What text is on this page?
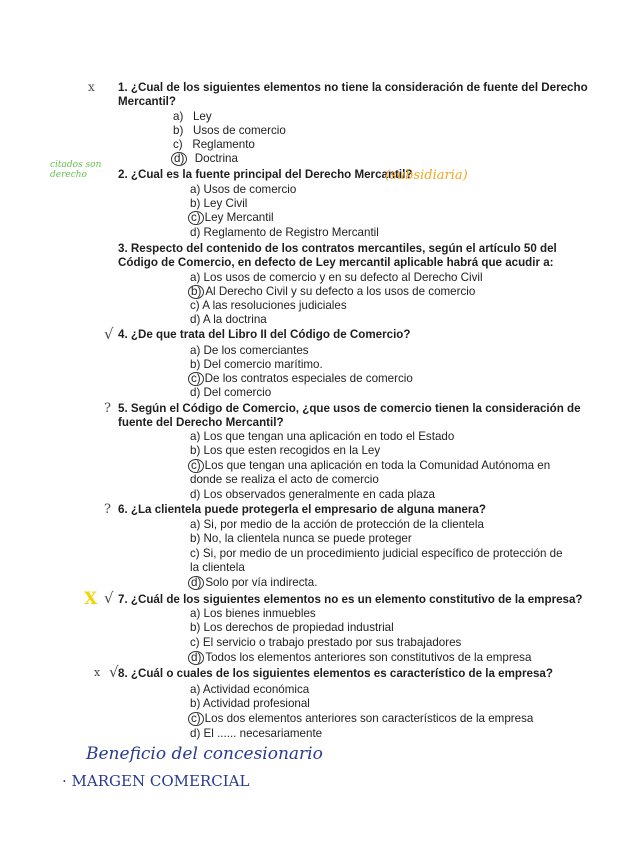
1. ¿Cual de los siguientes elementos no tiene la consideración de fuente del Derecho
Mercantil?
a) Ley
b) Usos de comercio
c) Reglamento
d) Doctrina
2. ¿Cual es la fuente principal del Derecho Mercantil?
a) Usos de comercio
b) Ley Civil
c) Ley Mercantil
d) Reglamento de Registro Mercantil
3. Respecto del contenido de los contratos mercantiles, según el artículo 50 del
Código de Comercio, en defecto de Ley mercantil aplicable habrá que acudir a:
a) Los usos de comercio y en su defecto al Derecho Civil
b) Al Derecho Civil y su defecto a los usos de comercio
c) A las resoluciones judiciales
d) A la doctrina
4. ¿De que trata del Libro II del Código de Comercio?
a) De los comerciantes
b) Del comercio marítimo.
c) De los contratos especiales de comercio
d) Del comercio
5. Según el Código de Comercio, ¿que usos de comercio tienen la consideración de
fuente del Derecho Mercantil?
a) Los que tengan una aplicación en todo el Estado
b) Los que esten recogidos en la Ley
c) Los que tengan una aplicación en toda la Comunidad Autónoma en
donde se realiza el acto de comercio
d) Los observados generalmente en cada plaza
6. ¿La clientela puede protegerla el empresario de alguna manera?
a) Si, por medio de la acción de protección de la clientela
b) No, la clientela nunca se puede proteger
c) Si, por medio de un procedimiento judicial específico de protección de
la clientela
d) Solo por vía indirecta.
7. ¿Cuál de los siguientes elementos no es un elemento constitutivo de la empresa?
a) Los bienes inmuebles
b) Los derechos de propiedad industrial
c) El servicio o trabajo prestado por sus trabajadores
d) Todos los elementos anteriores son constitutivos de la empresa
8. ¿Cuál o cuales de los siguientes elementos es característico de la empresa?
a) Actividad económica
b) Actividad profesional
c) Los dos elementos anteriores son característicos de la empresa
d) El ...... necesariamente
x
citados son derecho	(subsidiaria)
√
?
?
X √
x √
Beneficio del concesionario
· MARGEN COMERCIAL
